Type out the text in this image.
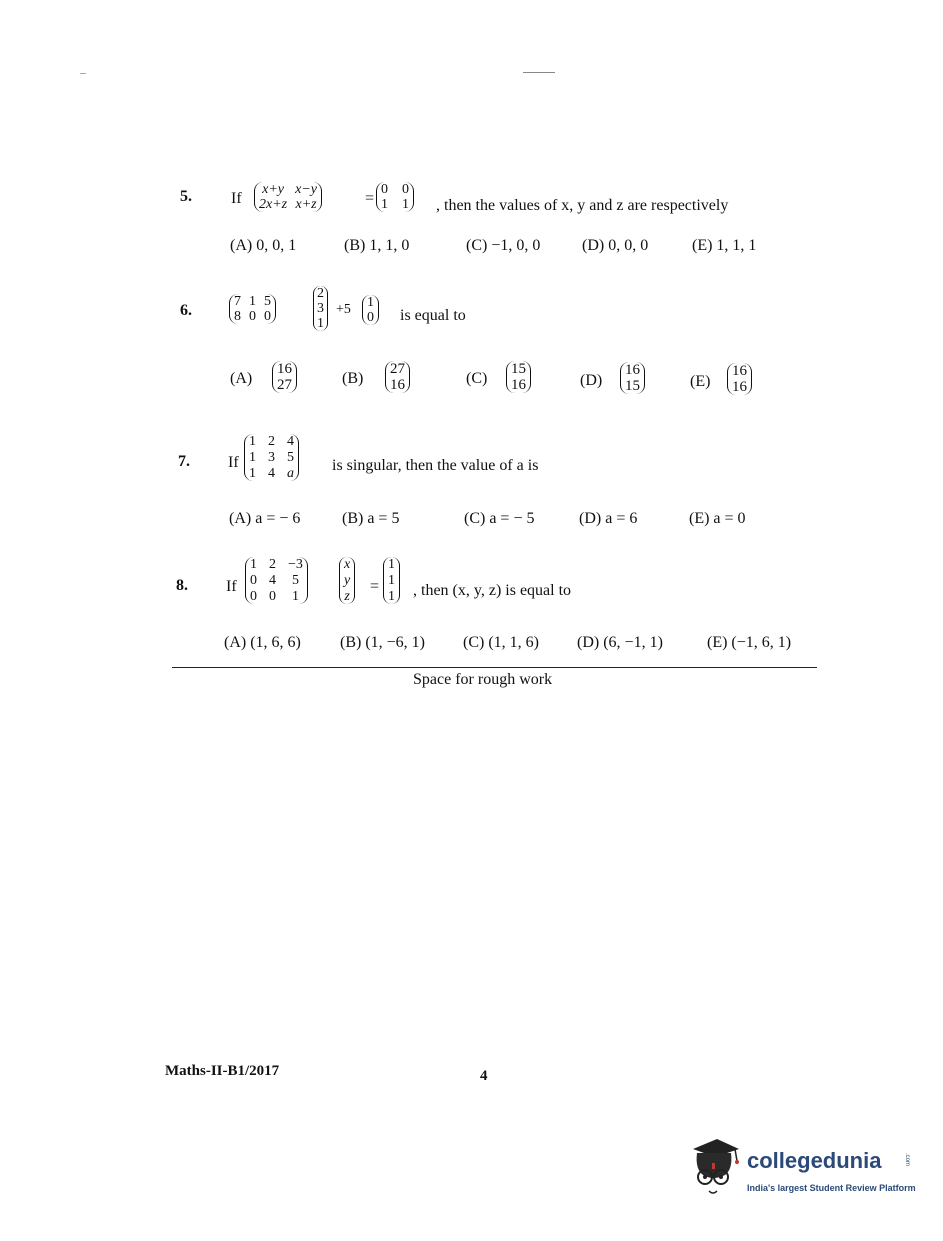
5. If
x+y x−y
2x+z x+z	=
0 0
1 1 , then the values of x, y and z are respectively
(A) 0, 0, 1	(B) 1, 1, 0	(C) −1, 0, 0	(D) 0, 0, 0	(E) 1, 1, 1
6.
7 1 5
8 0 0
2
3
1
+5 1
0 is equal to
(A)
16
27	(B)
27
16	(C)
15
16	(D)
16
15	(E)
16
16
7. If
1 2 4
1 3 5
1 4 a is singular, then the value of a is
(A) a = − 6	(B) a = 5	(C) a = − 5	(D) a = 6	(E) a = 0
8. If
1 2 −3
0 4 5
0 0 1
x
y
z
=
1
1
1 , then (x, y, z) is equal to
(A) (1, 6, 6) (B) (1, −6, 1) (C) (1, 1, 6) (D) (6, −1, 1)	(E) (−1, 6, 1)
Space for rough work
Maths-II-B1/2017	4
collegedunia	.com
India's largest Student Review Platform
